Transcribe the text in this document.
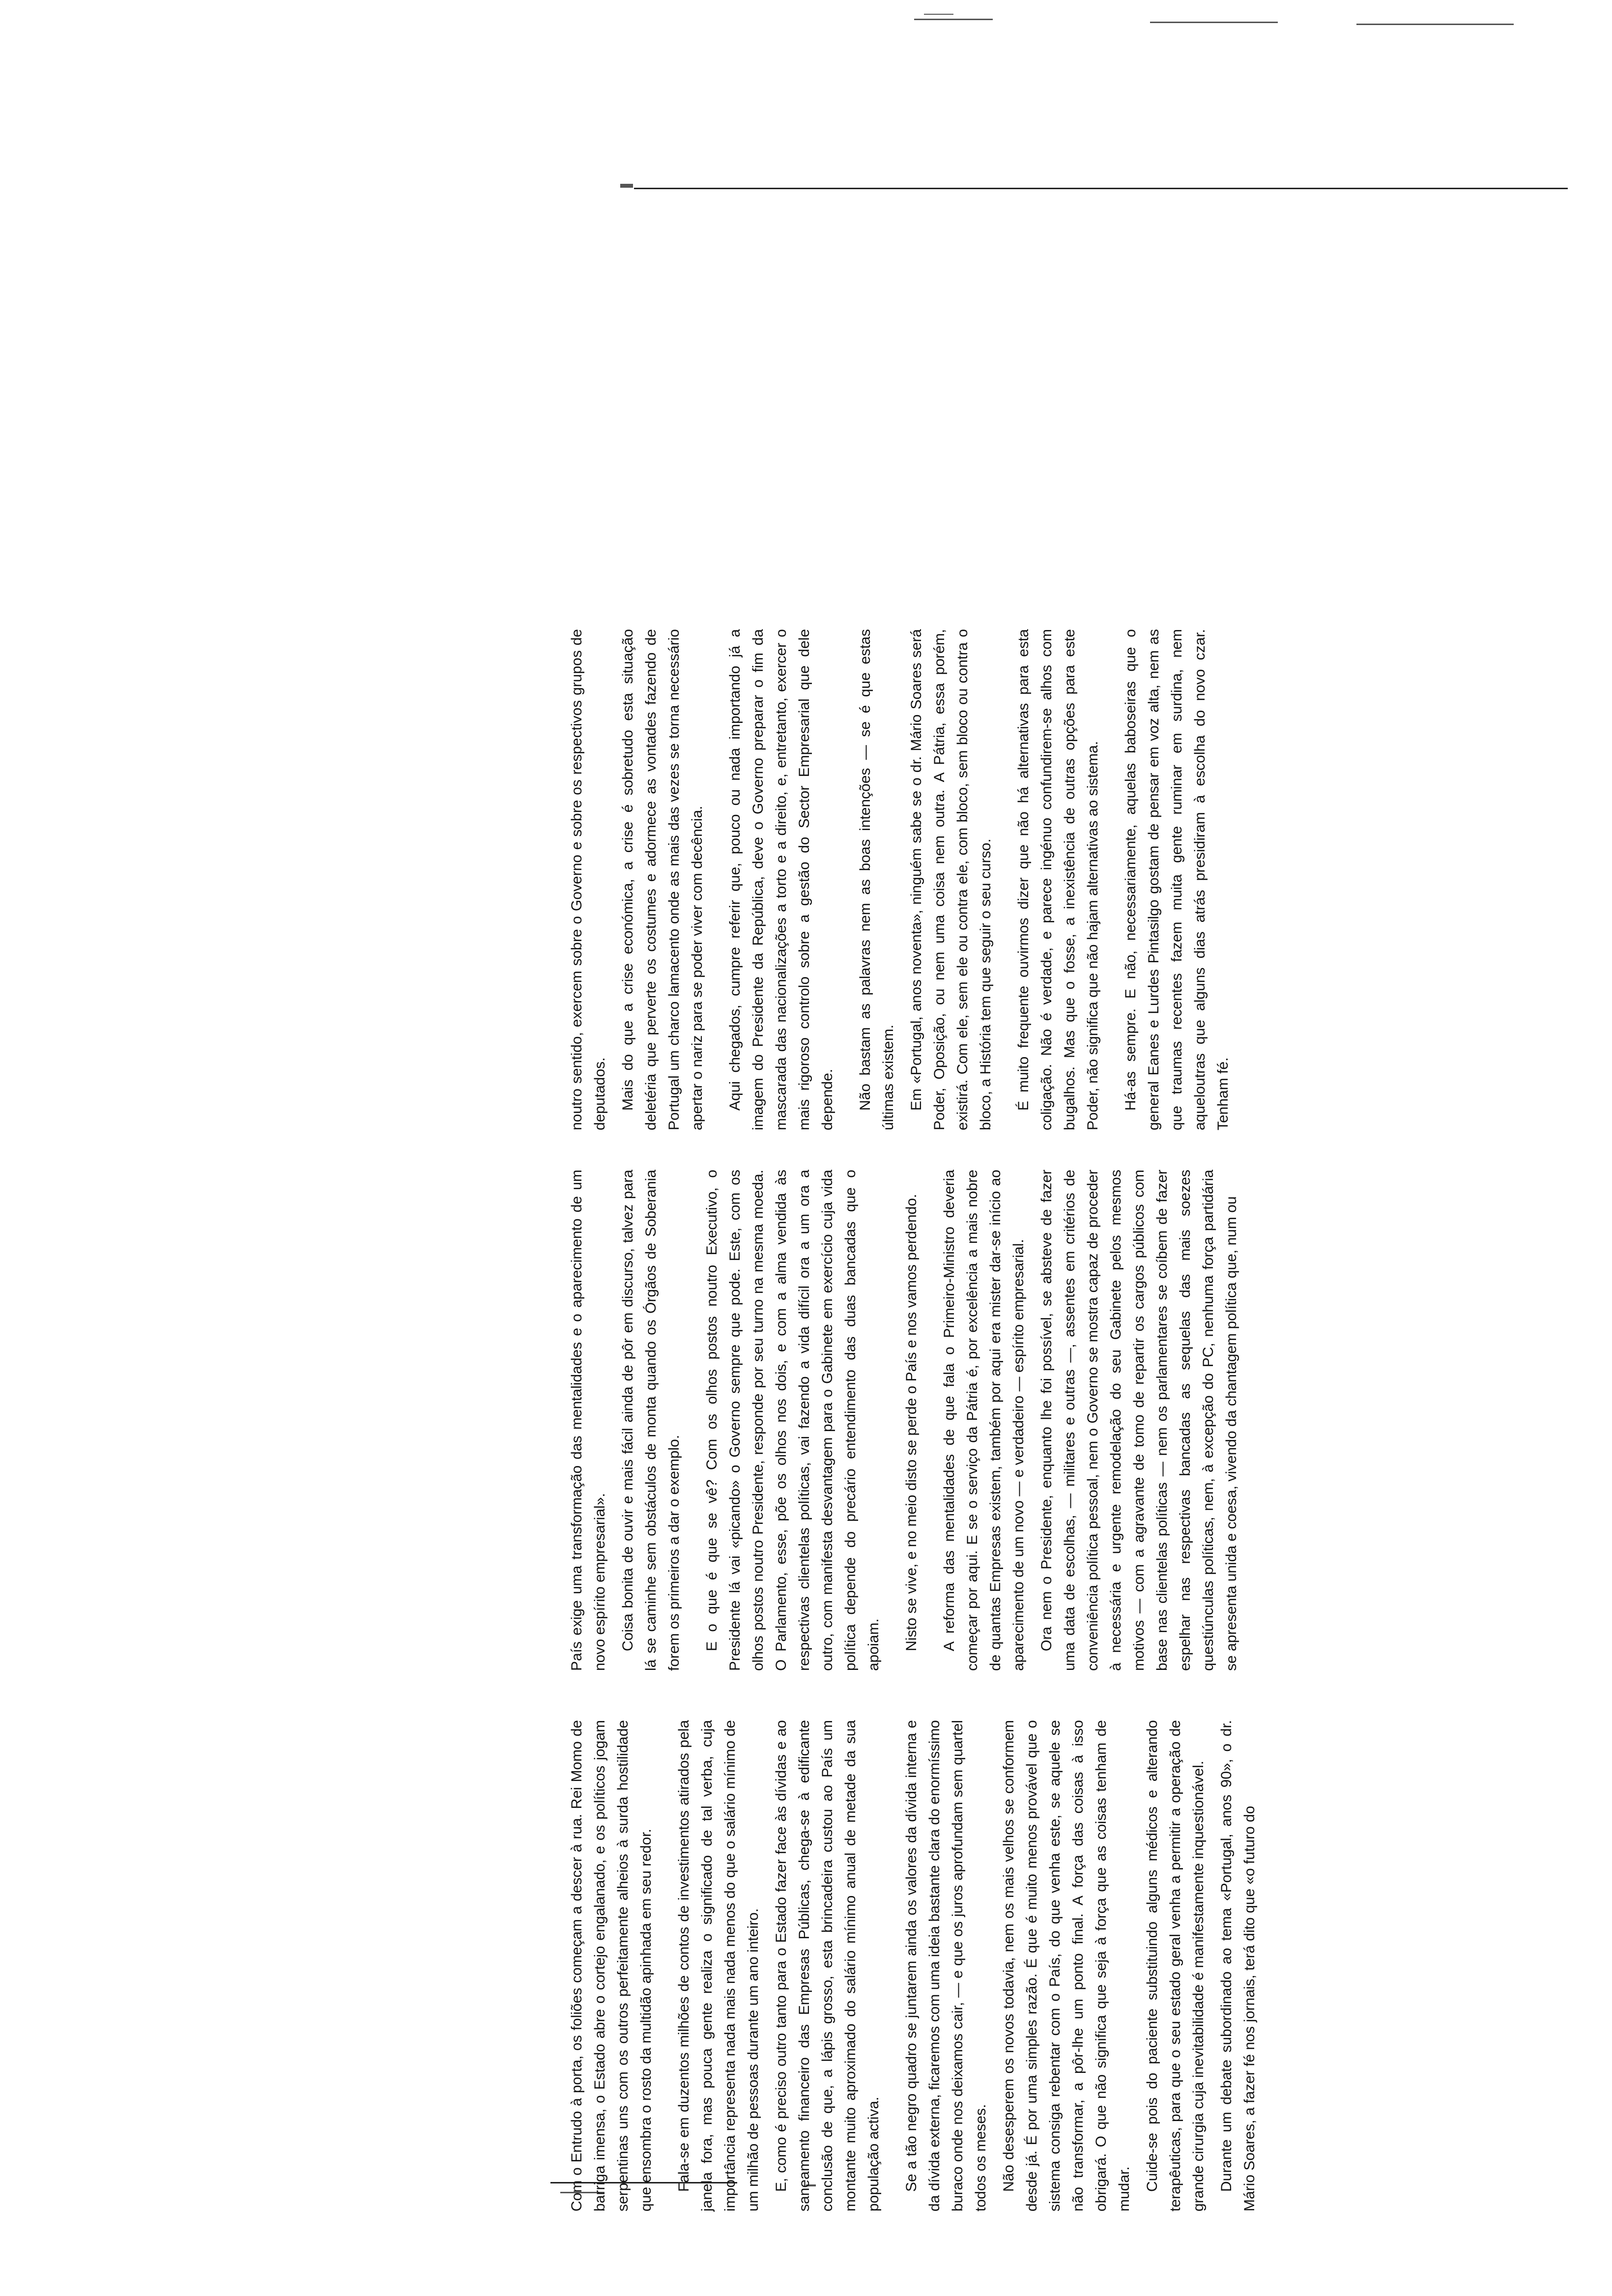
Com o Entrudo à porta, os foliões começam a descer à rua. Rei Momo de barriga imensa, o Estado abre o cortejo engalanado, e os políticos jogam serpentinas uns com os outros perfeitamente alheios à surda hostilidade que ensombra o rosto da multidão apinhada em seu redor. Fala-se em duzentos milhões de contos de investimentos atirados pela janela fora, mas pouca gente realiza o significado de tal verba, cuja importância representa nada mais nada menos do que o salário mínimo de um milhão de pessoas durante um ano inteiro. E, como é preciso outro tanto para o Estado fazer face às dívidas e ao saneamento financeiro das Empresas Públicas, chega-se à edificante conclusão de que, a lápis grosso, esta brincadeira custou ao País um montante muito aproximado do salário mínimo anual de metade da sua população activa. Se a tão negro quadro se juntarem ainda os valores da dívida interna e da dívida externa, ficaremos com uma ideia bastante clara do enormíssimo buraco onde nos deixamos cair, — e que os juros aprofundam sem quartel todos os meses. Não desesperem os novos todavia, nem os mais velhos se conformem desde já. É por uma simples razão. É que é muito menos provável que o sistema consiga rebentar com o País, do que venha este, se aquele se não transformar, a pôr-lhe um ponto final. A força das coisas à isso obrigará. O que não significa que seja à força que as coisas tenham de mudar. Cuide-se pois do paciente substituindo alguns médicos e alterando terapêuticas, para que o seu estado geral venha a permitir a operação de grande cirurgia cuja inevitabilidade é manifestamente inquestionável. Durante um debate subordinado ao tema «Portugal, anos 90», o dr. Mário Soares, a fazer fé nos jornais, terá dito que «o futuro do

País exige uma transformação das mentalidades e o aparecimento de um novo espírito empresarial». Coisa bonita de ouvir e mais fácil ainda de pôr em discurso, talvez para lá se caminhe sem obstáculos de monta quando os Órgãos de Soberania forem os primeiros a dar o exemplo. E o que é que se vê? Com os olhos postos noutro Executivo, o Presidente lá vai «picando» o Governo sempre que pode. Este, com os olhos postos noutro Presidente, responde por seu turno na mesma moeda. O Parlamento, esse, põe os olhos nos dois, e com a alma vendida às respectivas clientelas políticas, vai fazendo a vida difícil ora a um ora a outro, com manifesta desvantagem para o Gabinete em exercício cuja vida política depende do precário entendimento das duas bancadas que o apoiam. Nisto se vive, e no meio disto se perde o País e nos vamos perdendo. A reforma das mentalidades de que fala o Primeiro-Ministro deveria começar por aqui. E se o serviço da Pátria é, por excelência a mais nobre de quantas Empresas existem, também por aqui era mister dar-se início ao aparecimento de um novo — e verdadeiro — espírito empresarial. Ora nem o Presidente, enquanto lhe foi possível, se absteve de fazer uma data de escolhas, — militares e outras —, assentes em critérios de conveniência política pessoal, nem o Governo se mostra capaz de proceder à necessária e urgente remodelação do seu Gabinete pelos mesmos motivos — com a agravante de tomo de repartir os cargos públicos com base nas clientelas políticas — nem os parlamentares se coíbem de fazer espelhar nas respectivas bancadas as sequelas das mais soezes questiúnculas políticas, nem, à excepção do PC, nenhuma força partidária se apresenta unida e coesa, vivendo da chantagem política que, num ou

noutro sentido, exercem sobre o Governo e sobre os respectivos grupos de deputados. Mais do que a crise económica, a crise é sobretudo esta situação deletéria que perverte os costumes e adormece as vontades fazendo de Portugal um charco lamacento onde as mais das vezes se torna necessário apertar o nariz para se poder viver com decência. Aqui chegados, cumpre referir que, pouco ou nada importando já a imagem do Presidente da República, deve o Governo preparar o fim da mascarada das nacionalizações a torto e a direito, e, entretanto, exercer o mais rigoroso controlo sobre a gestão do Sector Empresarial que dele depende. Não bastam as palavras nem as boas intenções — se é que estas últimas existem. Em «Portugal, anos noventa», ninguém sabe se o dr. Mário Soares será Poder, Oposição, ou nem uma coisa nem outra. A Pátria, essa porém, existirá. Com ele, sem ele ou contra ele, com bloco, sem bloco ou contra o bloco, a História tem que seguir o seu curso. É muito frequente ouvirmos dizer que não há alternativas para esta coligação. Não é verdade, e parece ingénuo confundirem-se alhos com bugalhos. Mas que o fosse, a inexistência de outras opções para este Poder, não significa que não hajam alternativas ao sistema. Há-as sempre. E não, necessariamente, aquelas baboseiras que o general Eanes e Lurdes Pintasilgo gostam de pensar em voz alta, nem as que traumas recentes fazem muita gente ruminar em surdina, nem aqueloutras que alguns dias atrás presidiram à escolha do novo czar. Tenham fé.
